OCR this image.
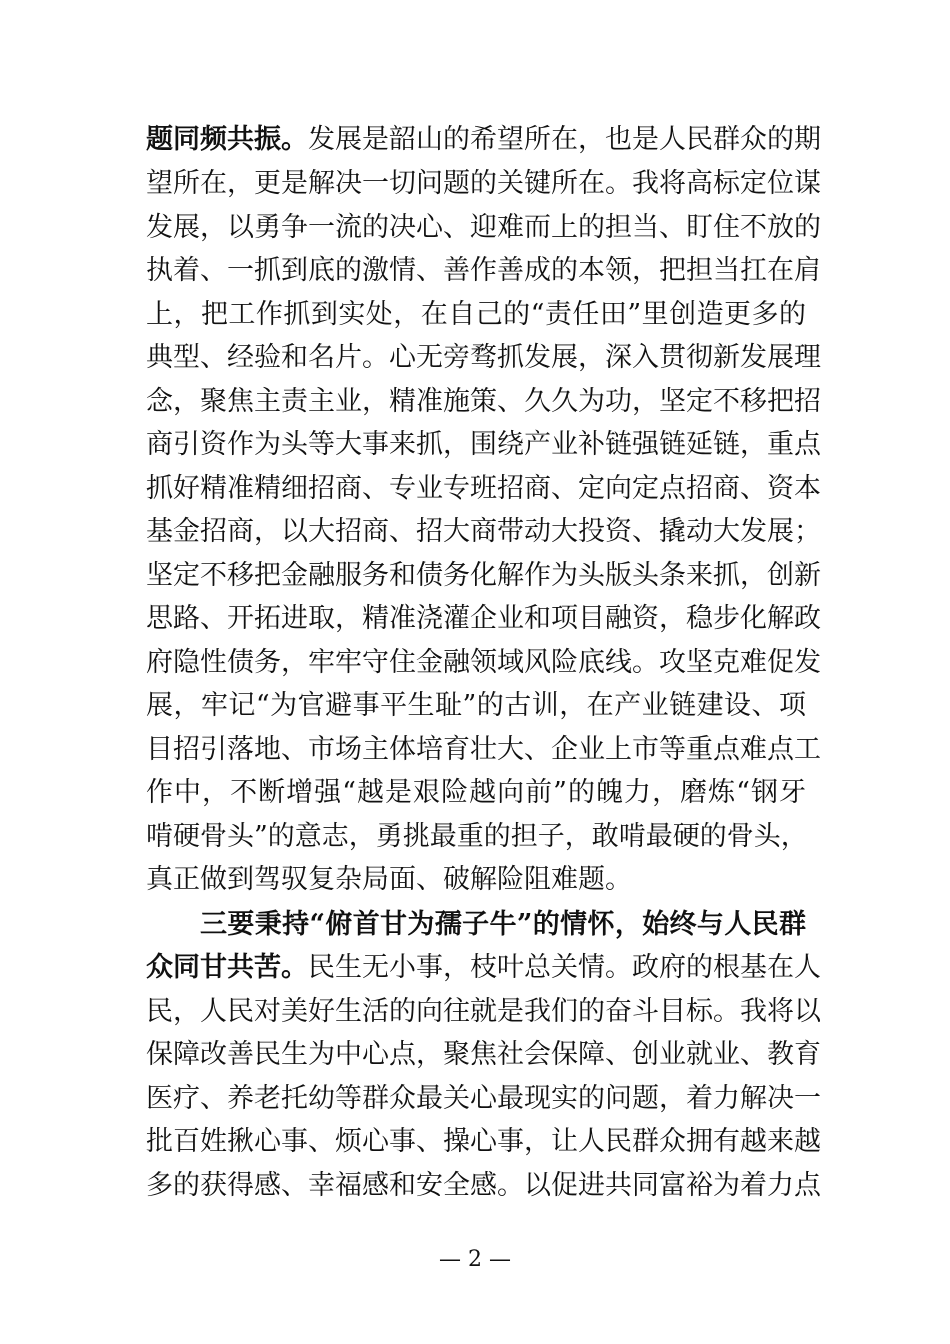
题同频共振。发展是韶山的希望所在，也是人民群众的期
望所在，更是解决一切问题的关键所在。我将高标定位谋
发展，以勇争一流的决心、迎难而上的担当、盯住不放的
执着、一抓到底的激情、善作善成的本领，把担当扛在肩
上，把工作抓到实处，在自己的“责任田”里创造更多的
典型、经验和名片。心无旁骛抓发展，深入贯彻新发展理
念，聚焦主责主业，精准施策、久久为功，坚定不移把招
商引资作为头等大事来抓，围绕产业补链强链延链，重点
抓好精准精细招商、专业专班招商、定向定点招商、资本
基金招商，以大招商、招大商带动大投资、撬动大发展；
坚定不移把金融服务和债务化解作为头版头条来抓，创新
思路、开拓进取，精准浇灌企业和项目融资，稳步化解政
府隐性债务，牢牢守住金融领域风险底线。攻坚克难促发
展，牢记“为官避事平生耻”的古训，在产业链建设、项
目招引落地、市场主体培育壮大、企业上市等重点难点工
作中，不断增强“越是艰险越向前”的魄力，磨炼“钢牙
啃硬骨头”的意志，勇挑最重的担子，敢啃最硬的骨头，
真正做到驾驭复杂局面、破解险阻难题。
三要秉持“俯首甘为孺子牛”的情怀，始终与人民群
众同甘共苦。民生无小事，枝叶总关情。政府的根基在人
民，人民对美好生活的向往就是我们的奋斗目标。我将以
保障改善民生为中心点，聚焦社会保障、创业就业、教育
医疗、养老托幼等群众最关心最现实的问题，着力解决一
批百姓揪心事、烦心事、操心事，让人民群众拥有越来越
多的获得感、幸福感和安全感。以促进共同富裕为着力点
— 2 —
